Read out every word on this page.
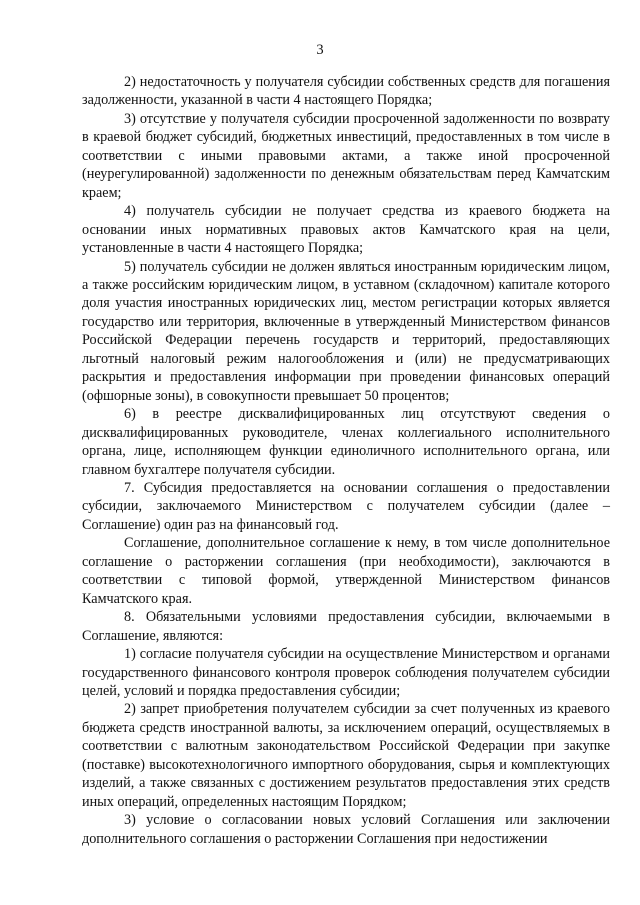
3

2) недостаточность у получателя субсидии собственных средств для погашения задолженности, указанной в части 4 настоящего Порядка;

3) отсутствие у получателя субсидии просроченной задолженности по возврату в краевой бюджет субсидий, бюджетных инвестиций, предоставленных в том числе в соответствии с иными правовыми актами, а также иной просроченной (неурегулированной) задолженности по денежным обязательствам перед Камчатским краем;

4) получатель субсидии не получает средства из краевого бюджета на основании иных нормативных правовых актов Камчатского края на цели, установленные в части 4 настоящего Порядка;

5) получатель субсидии не должен являться иностранным юридическим лицом, а также российским юридическим лицом, в уставном (складочном) капитале которого доля участия иностранных юридических лиц, местом регистрации которых является государство или территория, включенные в утвержденный Министерством финансов Российской Федерации перечень государств и территорий, предоставляющих льготный налоговый режим налогообложения и (или) не предусматривающих раскрытия и предоставления информации при проведении финансовых операций (офшорные зоны), в совокупности превышает 50 процентов;

6) в реестре дисквалифицированных лиц отсутствуют сведения о дисквалифицированных руководителе, членах коллегиального исполнительного органа, лице, исполняющем функции единоличного исполнительного органа, или главном бухгалтере получателя субсидии.

7. Субсидия предоставляется на основании соглашения о предоставлении субсидии, заключаемого Министерством с получателем субсидии (далее – Соглашение) один раз на финансовый год.

Соглашение, дополнительное соглашение к нему, в том числе дополнительное соглашение о расторжении соглашения (при необходимости), заключаются в соответствии с типовой формой, утвержденной Министерством финансов Камчатского края.

8. Обязательными условиями предоставления субсидии, включаемыми в Соглашение, являются:

1) согласие получателя субсидии на осуществление Министерством и органами государственного финансового контроля проверок соблюдения получателем субсидии целей, условий и порядка предоставления субсидии;

2) запрет приобретения получателем субсидии за счет полученных из краевого бюджета средств иностранной валюты, за исключением операций, осуществляемых в соответствии с валютным законодательством Российской Федерации при закупке (поставке) высокотехнологичного импортного оборудования, сырья и комплектующих изделий, а также связанных с достижением результатов предоставления этих средств иных операций, определенных настоящим Порядком;

3) условие о согласовании новых условий Соглашения или заключении дополнительного соглашения о расторжении Соглашения при недостижении
